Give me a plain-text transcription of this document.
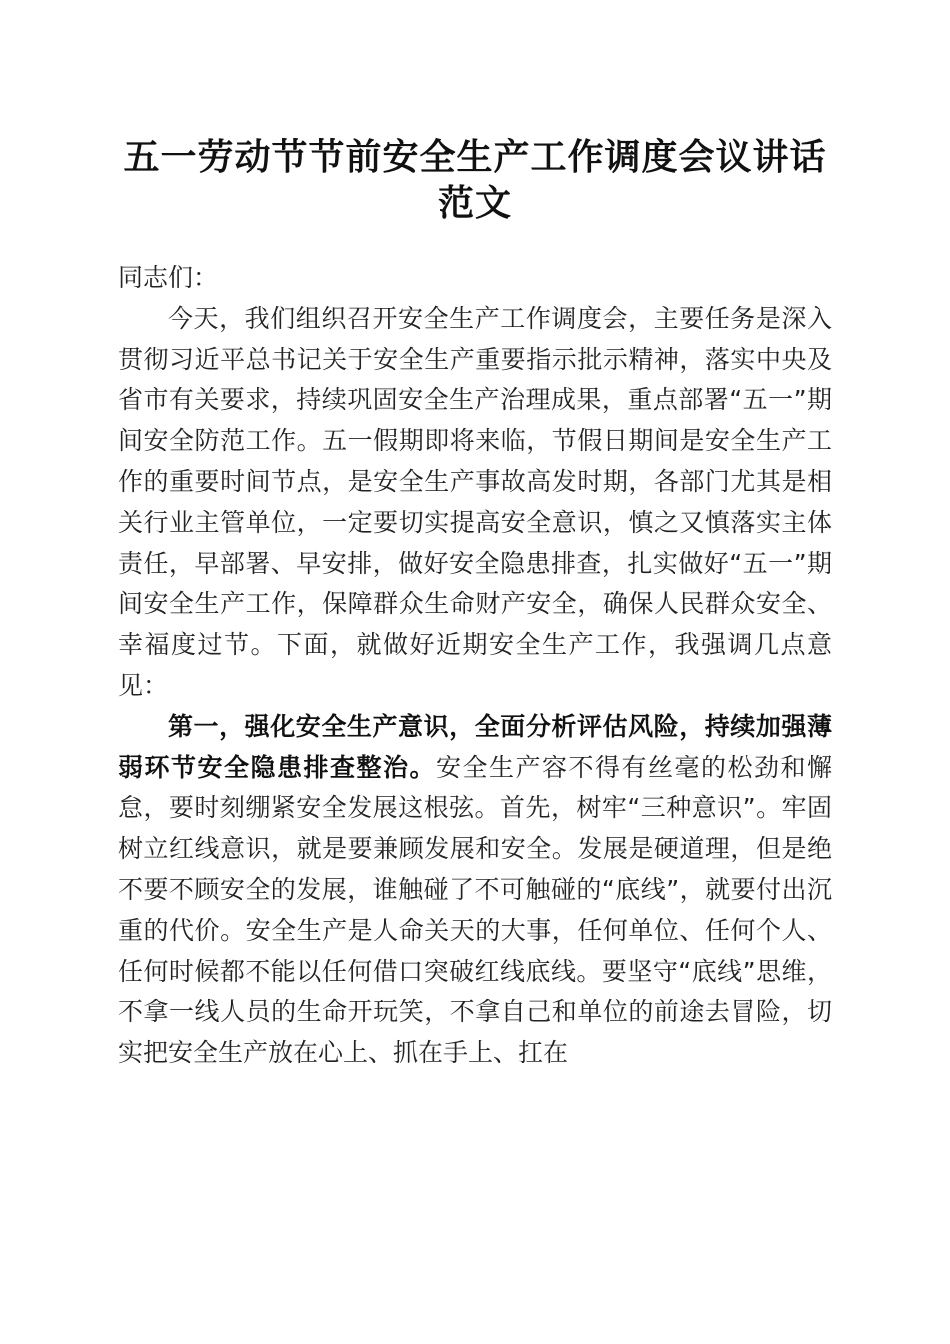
五一劳动节节前安全生产工作调度会议讲话范文

同志们：

今天，我们组织召开安全生产工作调度会，主要任务是深入贯彻习近平总书记关于安全生产重要指示批示精神，落实中央及省市有关要求，持续巩固安全生产治理成果，重点部署“五一”期间安全防范工作。五一假期即将来临，节假日期间是安全生产工作的重要时间节点，是安全生产事故高发时期，各部门尤其是相关行业主管单位，一定要切实提高安全意识，慎之又慎落实主体责任，早部署、早安排，做好安全隐患排查，扎实做好“五一”期间安全生产工作，保障群众生命财产安全，确保人民群众安全、幸福度过节。下面，就做好近期安全生产工作，我强调几点意见：

第一，强化安全生产意识，全面分析评估风险，持续加强薄弱环节安全隐患排查整治。安全生产容不得有丝毫的松劲和懈怠，要时刻绷紧安全发展这根弦。首先，树牢“三种意识”。牢固树立红线意识，就是要兼顾发展和安全。发展是硬道理，但是绝不要不顾安全的发展，谁触碰了不可触碰的“底线”，就要付出沉重的代价。安全生产是人命关天的大事，任何单位、任何个人、任何时候都不能以任何借口突破红线底线。要坚守“底线”思维，不拿一线人员的生命开玩笑，不拿自己和单位的前途去冒险，切实把安全生产放在心上、抓在手上、扛在
